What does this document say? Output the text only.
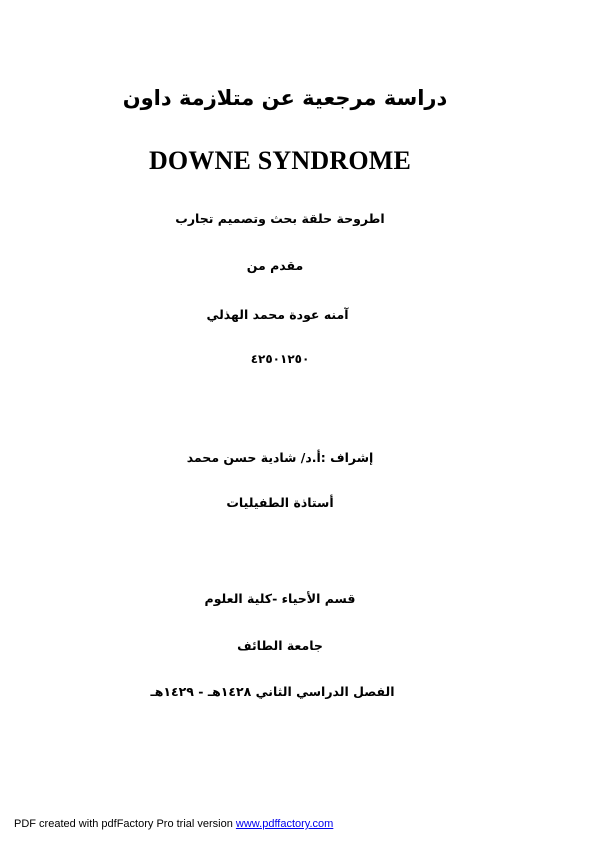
دراسة مرجعية عن متلازمة داون
DOWNE SYNDROME
اطروحة حلقة بحث وتصميم تجارب
مقدم من
آمنه عودة محمد الهذلي
٤٢٥٠١٢٥٠
إشراف :أ.د/ شادية حسن محمد
أستاذة الطفيليات
قسم الأحياء -كلية العلوم
جامعة الطائف
الفصل الدراسي الثاني ١٤٢٨هـ - ١٤٢٩هـ
PDF created with pdfFactory Pro trial version www.pdffactory.com
